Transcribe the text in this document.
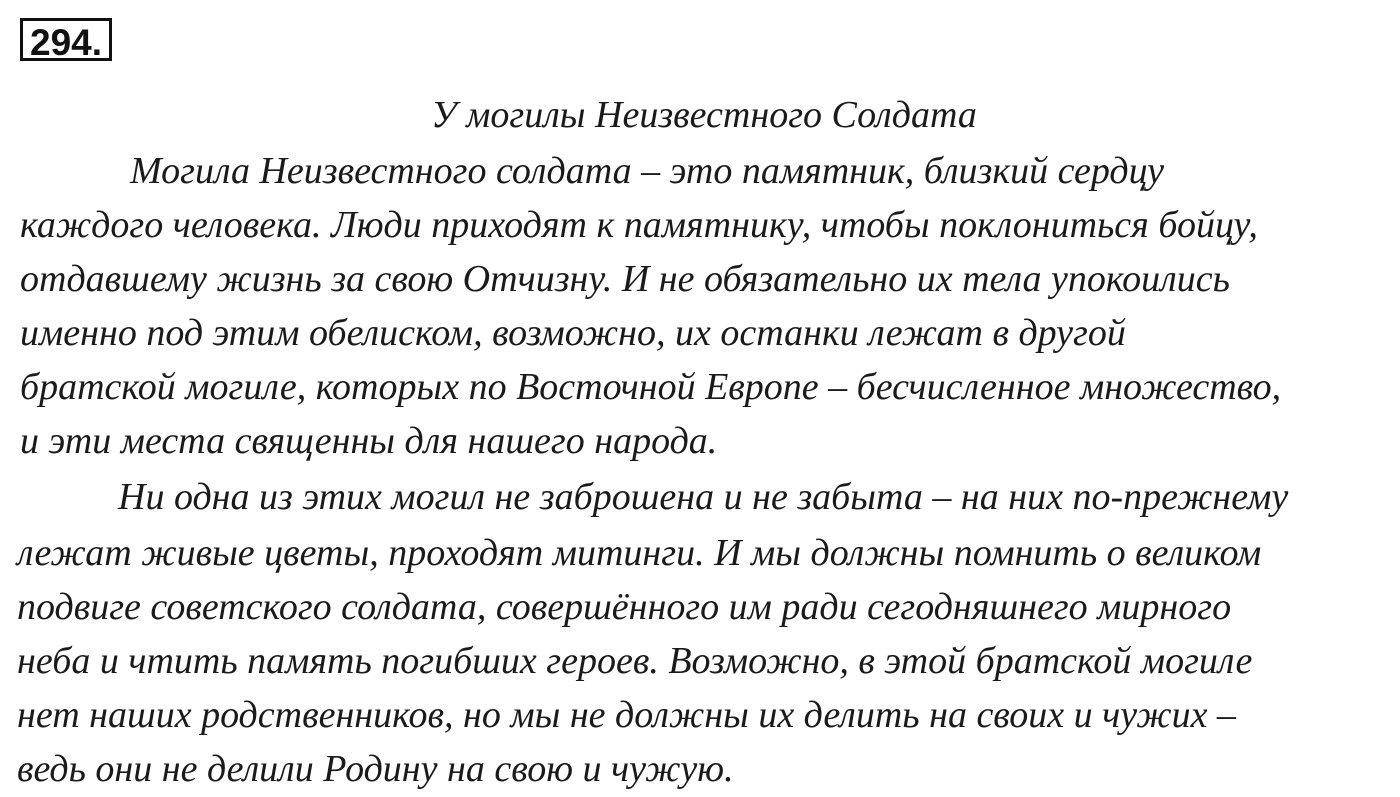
294.
У могилы Неизвестного Солдата
Могила Неизвестного солдата – это памятник, близкий сердцу
каждого человека. Люди приходят к памятнику, чтобы поклониться бойцу,
отдавшему жизнь за свою Отчизну. И не обязательно их тела упокоились
именно под этим обелиском, возможно, их останки лежат в другой
братской могиле, которых по Восточной Европе – бесчисленное множество,
и эти места священны для нашего народа.
Ни одна из этих могил не заброшена и не забыта – на них по-прежнему
лежат живые цветы, проходят митинги. И мы должны помнить о великом
подвиге советского солдата, совершённого им ради сегодняшнего мирного
неба и чтить память погибших героев. Возможно, в этой братской могиле
нет наших родственников, но мы не должны их делить на своих и чужих –
ведь они не делили Родину на свою и чужую.
